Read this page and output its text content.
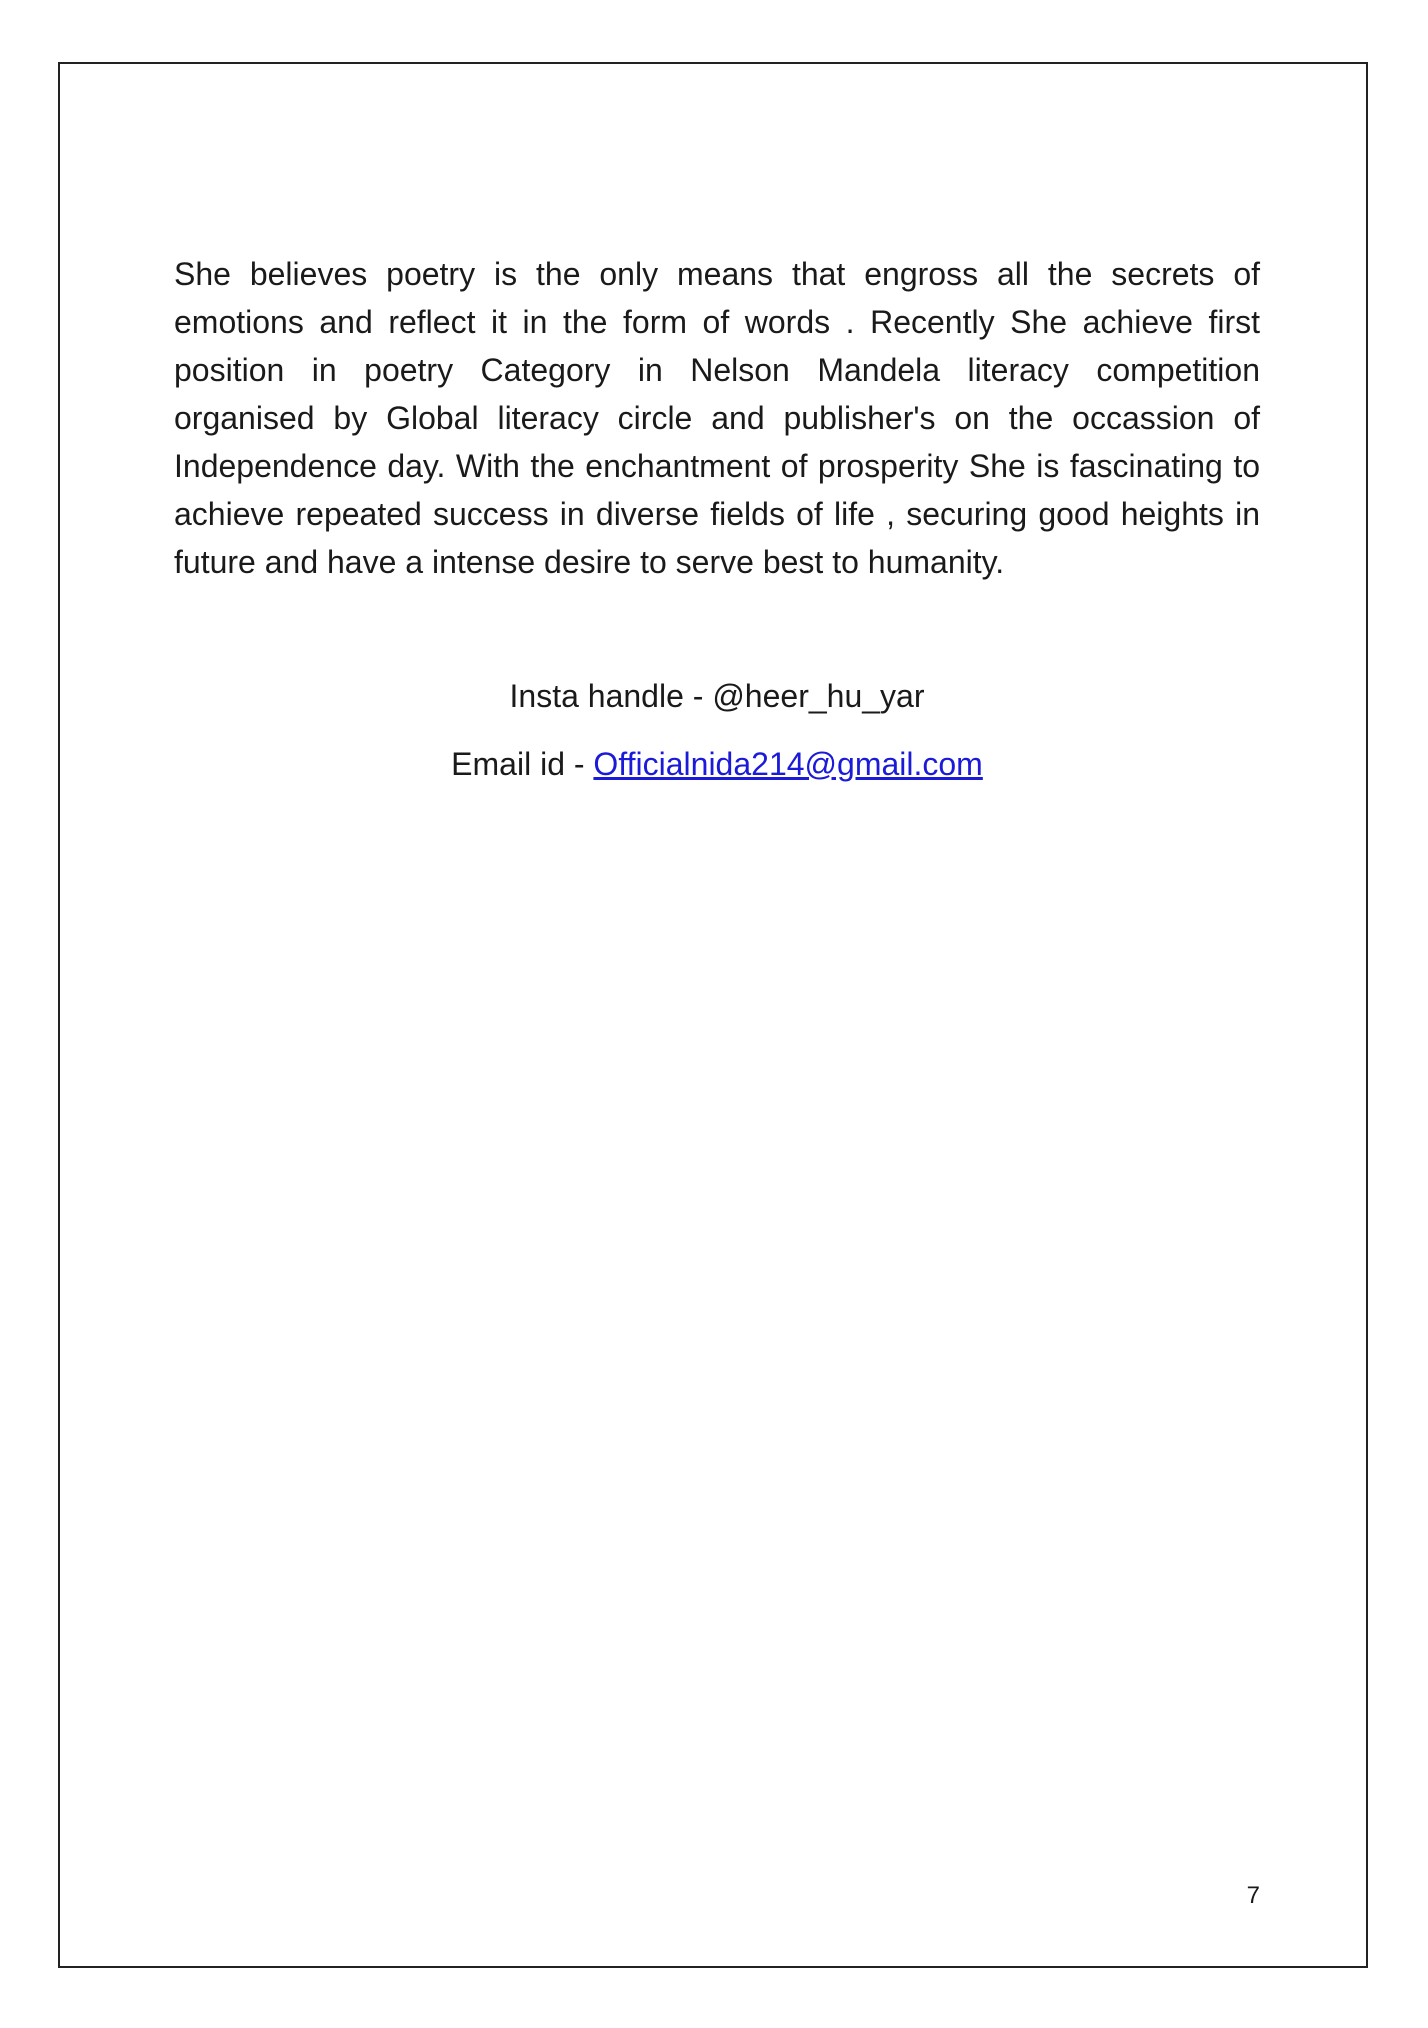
She believes poetry is the only means that engross all the secrets of emotions and reflect it in the form of words . Recently She achieve first position in poetry Category in Nelson Mandela literacy competition organised by Global literacy circle and publisher's on the occassion of Independence day. With the enchantment of prosperity She is fascinating to achieve repeated success in diverse fields of life , securing good heights in future and have a intense desire to serve best to humanity.

Insta handle - @heer_hu_yar

Email id - Officialnida214@gmail.com

7
